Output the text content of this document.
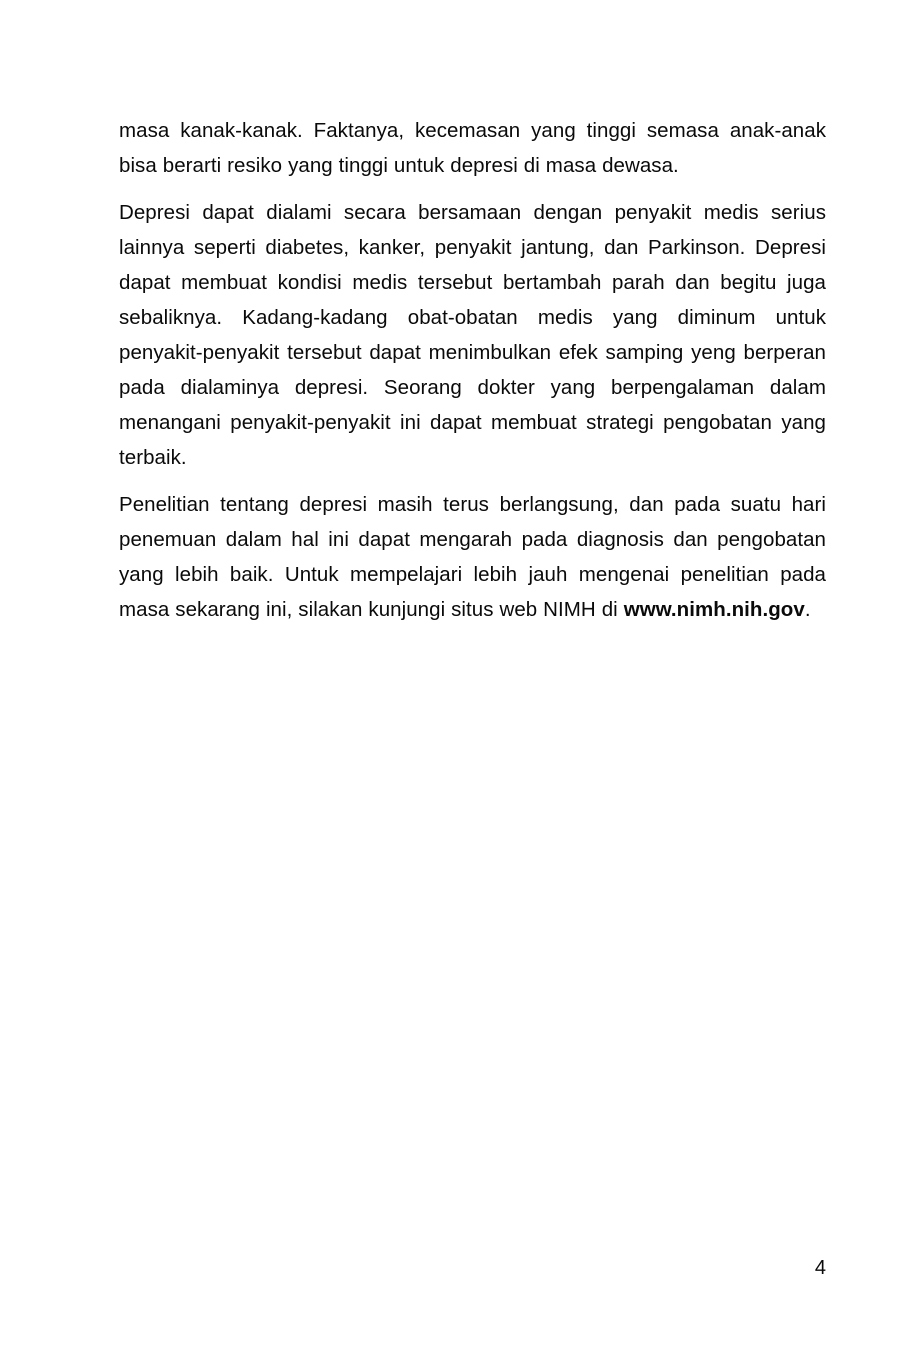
masa kanak-kanak. Faktanya, kecemasan yang tinggi semasa anak-anak bisa berarti resiko yang tinggi untuk depresi di masa dewasa.

Depresi dapat dialami secara bersamaan dengan penyakit medis serius lainnya seperti diabetes, kanker, penyakit jantung, dan Parkinson. Depresi dapat membuat kondisi medis tersebut bertambah parah dan begitu juga sebaliknya. Kadang-kadang obat-obatan medis yang diminum untuk penyakit-penyakit tersebut dapat menimbulkan efek samping yeng berperan pada dialaminya depresi. Seorang dokter yang berpengalaman dalam menangani penyakit-penyakit ini dapat membuat strategi pengobatan yang terbaik.

Penelitian tentang depresi masih terus berlangsung, dan pada suatu hari penemuan dalam hal ini dapat mengarah pada diagnosis dan pengobatan yang lebih baik. Untuk mempelajari lebih jauh mengenai penelitian pada masa sekarang ini, silakan kunjungi situs web NIMH di www.nimh.nih.gov.

4
